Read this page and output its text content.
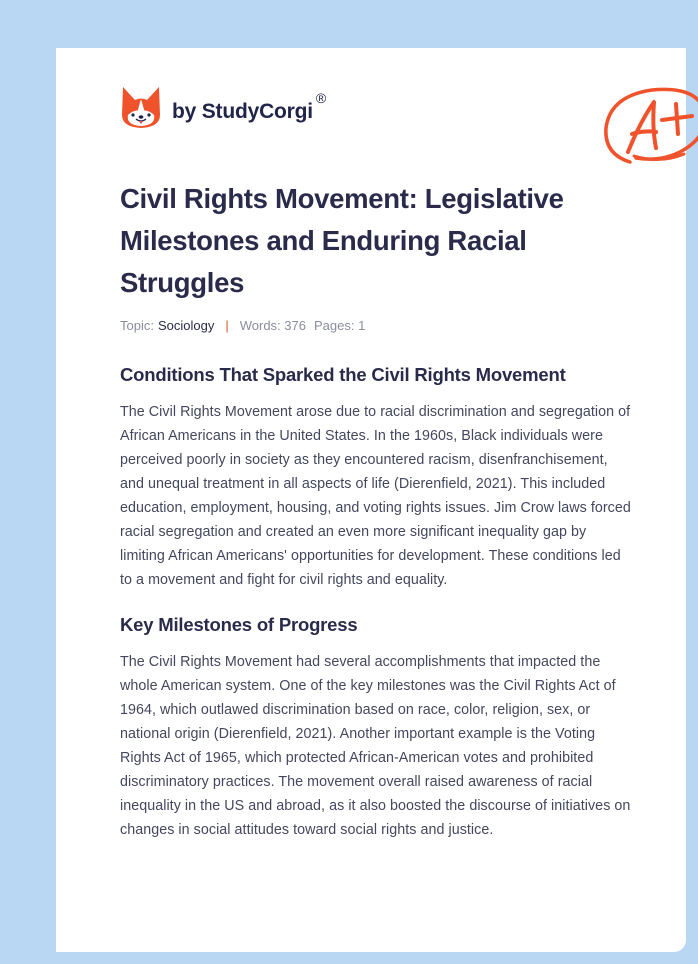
by StudyCorgi
®
Civil Rights Movement: Legislative Milestones and Enduring Racial Struggles
Topic: Sociology | Words: 376 Pages: 1
Conditions That Sparked the Civil Rights Movement

The Civil Rights Movement arose due to racial discrimination and segregation of African Americans in the United States. In the 1960s, Black individuals were perceived poorly in society as they encountered racism, disenfranchisement, and unequal treatment in all aspects of life (Dierenfield, 2021). This included education, employment, housing, and voting rights issues. Jim Crow laws forced racial segregation and created an even more significant inequality gap by limiting African Americans' opportunities for development. These conditions led to a movement and fight for civil rights and equality.

Key Milestones of Progress

The Civil Rights Movement had several accomplishments that impacted the whole American system. One of the key milestones was the Civil Rights Act of 1964, which outlawed discrimination based on race, color, religion, sex, or national origin (Dierenfield, 2021). Another important example is the Voting Rights Act of 1965, which protected African-American votes and prohibited discriminatory practices. The movement overall raised awareness of racial inequality in the US and abroad, as it also boosted the discourse of initiatives on changes in social attitudes toward social rights and justice.
